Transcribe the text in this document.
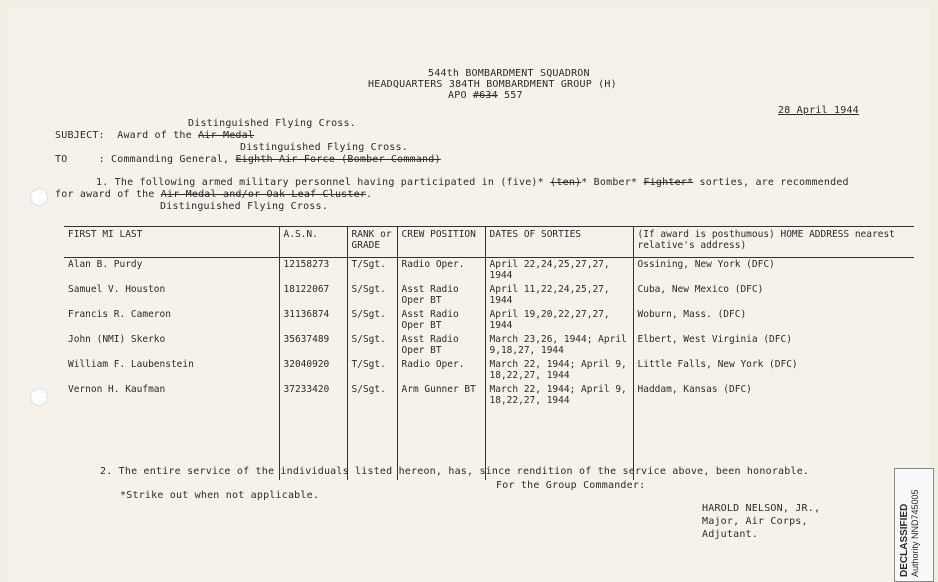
544th BOMBARDMENT SQUADRON
HEADQUARTERS 384TH BOMBARDMENT GROUP (H)
APO #634 557
28 April 1944
Distinguished Flying Cross.
SUBJECT: Award of the Air Medal
Distinguished Flying Cross.
TO	: Commanding General, Eighth Air Force (Bomber Command)
1. The following armed military personnel having participated in (five)* (ten)* Bomber* Fighter* sorties, are recommended
for award of the Air Medal and/or Oak Leaf Cluster.
Distinguished Flying Cross.
FIRST MI LAST	A.S.N.	RANK or GRADE	CREW POSITION	DATES OF SORTIES	(If award is posthumous) HOME ADDRESS nearest relative's address)
Alan B. Purdy	12158273	T/Sgt.	Radio Oper.	April 22,24,25,27,27, 1944	Ossining, New York (DFC)
Samuel V. Houston	18122067	S/Sgt.	Asst Radio Oper BT	April 11,22,24,25,27, 1944	Cuba, New Mexico (DFC)
Francis R. Cameron	31136874	S/Sgt.	Asst Radio Oper BT	April 19,20,22,27,27, 1944	Woburn, Mass. (DFC)
John (NMI) Skerko	35637489	S/Sgt.	Asst Radio Oper BT	March 23,26, 1944; April 9,18,27, 1944	Elbert, West Virginia (DFC)
William F. Laubenstein	32040920	T/Sgt.	Radio Oper.	March 22, 1944; April 9, 18,22,27, 1944	Little Falls, New York (DFC)
Vernon H. Kaufman	37233420	S/Sgt.	Arm Gunner BT	March 22, 1944; April 9, 18,22,27, 1944	Haddam, Kansas (DFC)

2. The entire service of the individuals listed hereon, has, since rendition of the service above, been honorable.
For the Group Commander:
*Strike out when not applicable.
HAROLD NELSON, JR.,
Major, Air Corps,
Adjutant.	DECLASSIFIED Authority NND745005
